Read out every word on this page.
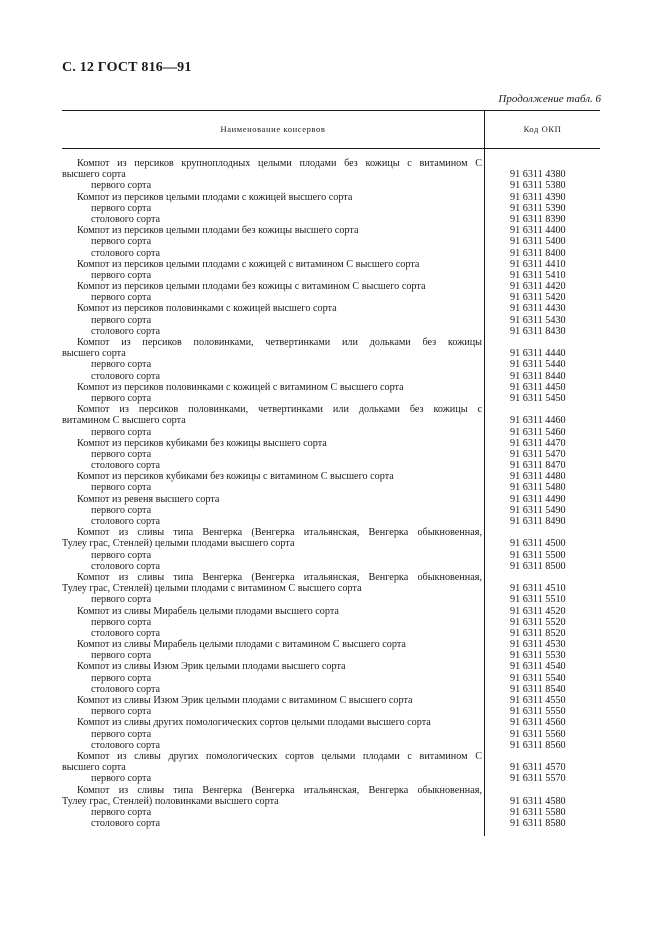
С. 12 ГОСТ 816—91
Продолжение табл. 6
Наименование консервов	Код ОКП
Компот из персиков крупноплодных целыми плодами без кожицы с витамином С
высшего сорта	91 6311 4380
первого сорта	91 6311 5380
Компот из персиков целыми плодами с кожицей высшего сорта	91 6311 4390
первого сорта	91 6311 5390
столового сорта	91 6311 8390
Компот из персиков целыми плодами без кожицы высшего сорта	91 6311 4400
первого сорта	91 6311 5400
столового сорта	91 6311 8400
Компот из персиков целыми плодами с кожицей с витамином С высшего сорта	91 6311 4410
первого сорта	91 6311 5410
Компот из персиков целыми плодами без кожицы с витамином С высшего сорта	91 6311 4420
первого сорта	91 6311 5420
Компот из персиков половинками с кожицей высшего сорта	91 6311 4430
первого сорта	91 6311 5430
столового сорта	91 6311 8430
Компот из персиков половинками, четвертинками или дольками без кожицы
высшего сорта	91 6311 4440
первого сорта	91 6311 5440
столового сорта	91 6311 8440
Компот из персиков половинками с кожицей с витамином С высшего сорта	91 6311 4450
первого сорта	91 6311 5450
Компот из персиков половинками, четвертинками или дольками без кожицы с
витамином С высшего сорта	91 6311 4460
первого сорта	91 6311 5460
Компот из персиков кубиками без кожицы высшего сорта	91 6311 4470
первого сорта	91 6311 5470
столового сорта	91 6311 8470
Компот из персиков кубиками без кожицы с витамином С высшего сорта	91 6311 4480
первого сорта	91 6311 5480
Компот из ревеня высшего сорта	91 6311 4490
первого сорта	91 6311 5490
столового сорта	91 6311 8490
Компот из сливы типа Венгерка (Венгерка итальянская, Венгерка обыкновенная,
Тулеу грас, Стенлей) целыми плодами высшего сорта	91 6311 4500
первого сорта	91 6311 5500
столового сорта	91 6311 8500
Компот из сливы типа Венгерка (Венгерка итальянская, Венгерка обыкновенная,
Тулеу грас, Стенлей) целыми плодами с витамином С высшего сорта	91 6311 4510
первого сорта	91 6311 5510
Компот из сливы Мирабель целыми плодами высшего сорта	91 6311 4520
первого сорта	91 6311 5520
столового сорта	91 6311 8520
Компот из сливы Мирабель целыми плодами с витамином С высшего сорта	91 6311 4530
первого сорта	91 6311 5530
Компот из сливы Изюм Эрик целыми плодами высшего сорта	91 6311 4540
первого сорта	91 6311 5540
столового сорта	91 6311 8540
Компот из сливы Изюм Эрик целыми плодами с витамином С высшего сорта	91 6311 4550
первого сорта	91 6311 5550
Компот из сливы других помологических сортов целыми плодами высшего сорта	91 6311 4560
первого сорта	91 6311 5560
столового сорта	91 6311 8560
Компот из сливы других помологических сортов целыми плодами с витамином С
высшего сорта	91 6311 4570
первого сорта	91 6311 5570
Компот из сливы типа Венгерка (Венгерка итальянская, Венгерка обыкновенная,
Тулеу грас, Стенлей) половинками высшего сорта	91 6311 4580
первого сорта	91 6311 5580
столового сорта	91 6311 8580
